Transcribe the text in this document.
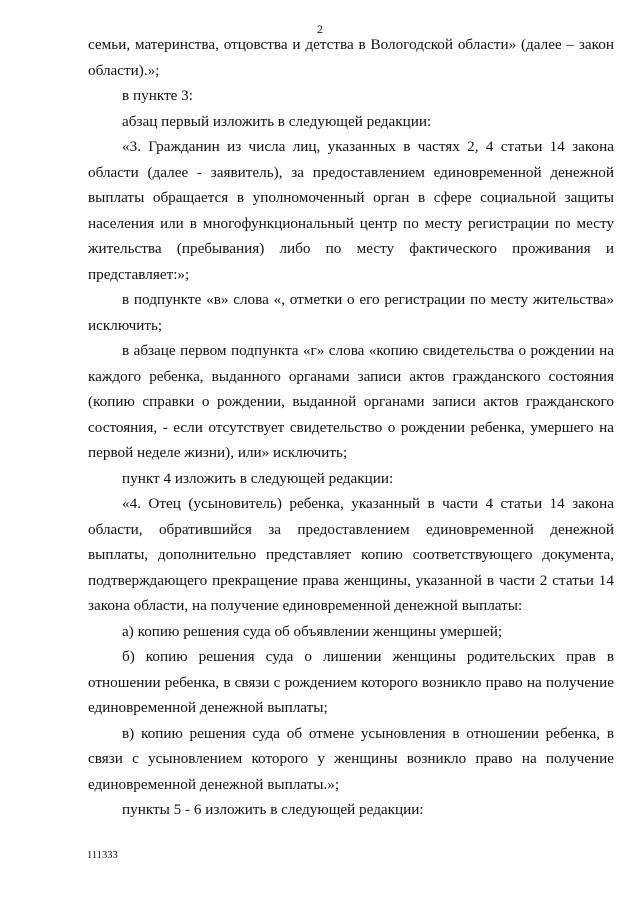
2

семьи, материнства, отцовства и детства в Вологодской области» (далее – закон области).»;

в пункте 3:

абзац первый изложить в следующей редакции:

«3. Гражданин из числа лиц, указанных в частях 2, 4 статьи 14 закона области (далее - заявитель), за предоставлением единовременной денежной выплаты обращается в уполномоченный орган в сфере социальной защиты населения или в многофункциональный центр по месту регистрации по месту жительства (пребывания) либо по месту фактического проживания и представляет:»;

в подпункте «в» слова «, отметки о его регистрации по месту жительства» исключить;

в абзаце первом подпункта «г» слова «копию свидетельства о рождении на каждого ребенка, выданного органами записи актов гражданского состояния (копию справки о рождении, выданной органами записи актов гражданского состояния, - если отсутствует свидетельство о рождении ребенка, умершего на первой неделе жизни), или» исключить;

пункт 4 изложить в следующей редакции:

«4. Отец (усыновитель) ребенка, указанный в части 4 статьи 14 закона области, обратившийся за предоставлением единовременной денежной выплаты, дополнительно представляет копию соответствующего документа, подтверждающего прекращение права женщины, указанной в части 2 статьи 14 закона области, на получение единовременной денежной выплаты:

а) копию решения суда об объявлении женщины умершей;

б) копию решения суда о лишении женщины родительских прав в отношении ребенка, в связи с рождением которого возникло право на получение единовременной денежной выплаты;

в) копию решения суда об отмене усыновления в отношении ребенка, в связи с усыновлением которого у женщины возникло право на получение единовременной денежной выплаты.»;

пункты 5 - 6 изложить в следующей редакции:

111333
